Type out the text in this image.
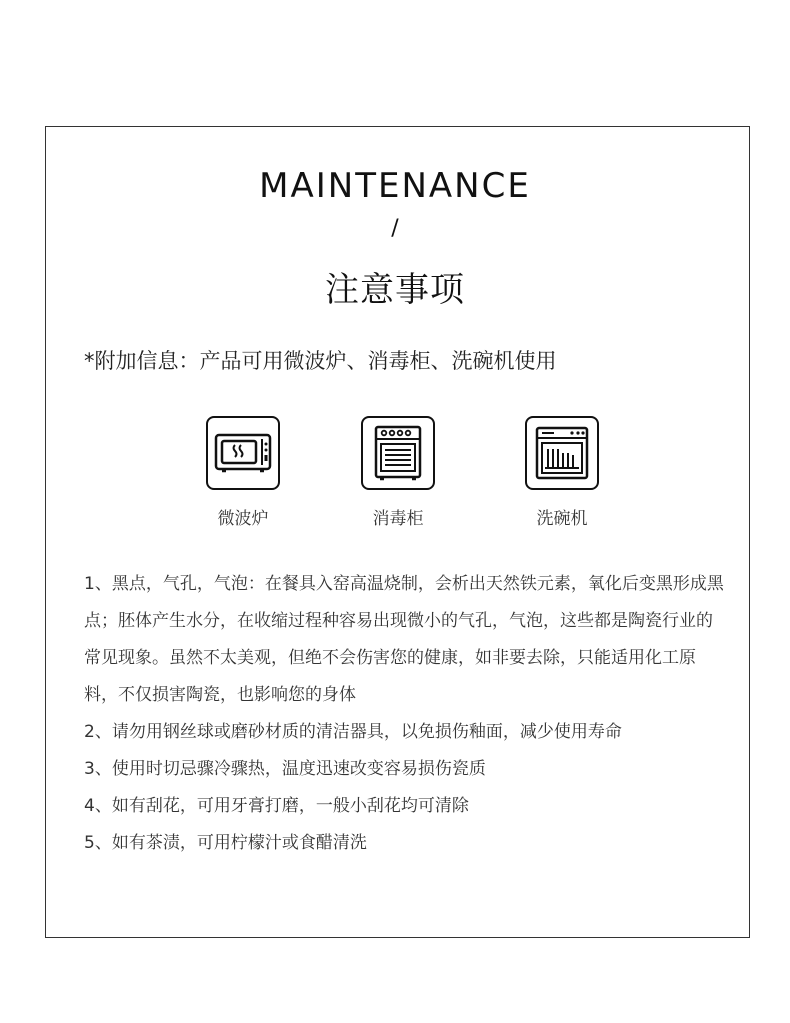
MAINTENANCE
/
注意事项
*附加信息：产品可用微波炉、消毒柜、洗碗机使用
微波炉	消毒柜	洗碗机

1、黑点，气孔，气泡：在餐具入窑高温烧制，会析出天然铁元素，氧化后变黑形成黑点；胚体产生水分，在收缩过程种容易出现微小的气孔，气泡，这些都是陶瓷行业的常见现象。虽然不太美观，但绝不会伤害您的健康，如非要去除，只能适用化工原料，不仅损害陶瓷，也影响您的身体

2、请勿用钢丝球或磨砂材质的清洁器具，以免损伤釉面，减少使用寿命

3、使用时切忌骤冷骤热，温度迅速改变容易损伤瓷质

4、如有刮花，可用牙膏打磨，一般小刮花均可清除

5、如有茶渍，可用柠檬汁或食醋清洗
